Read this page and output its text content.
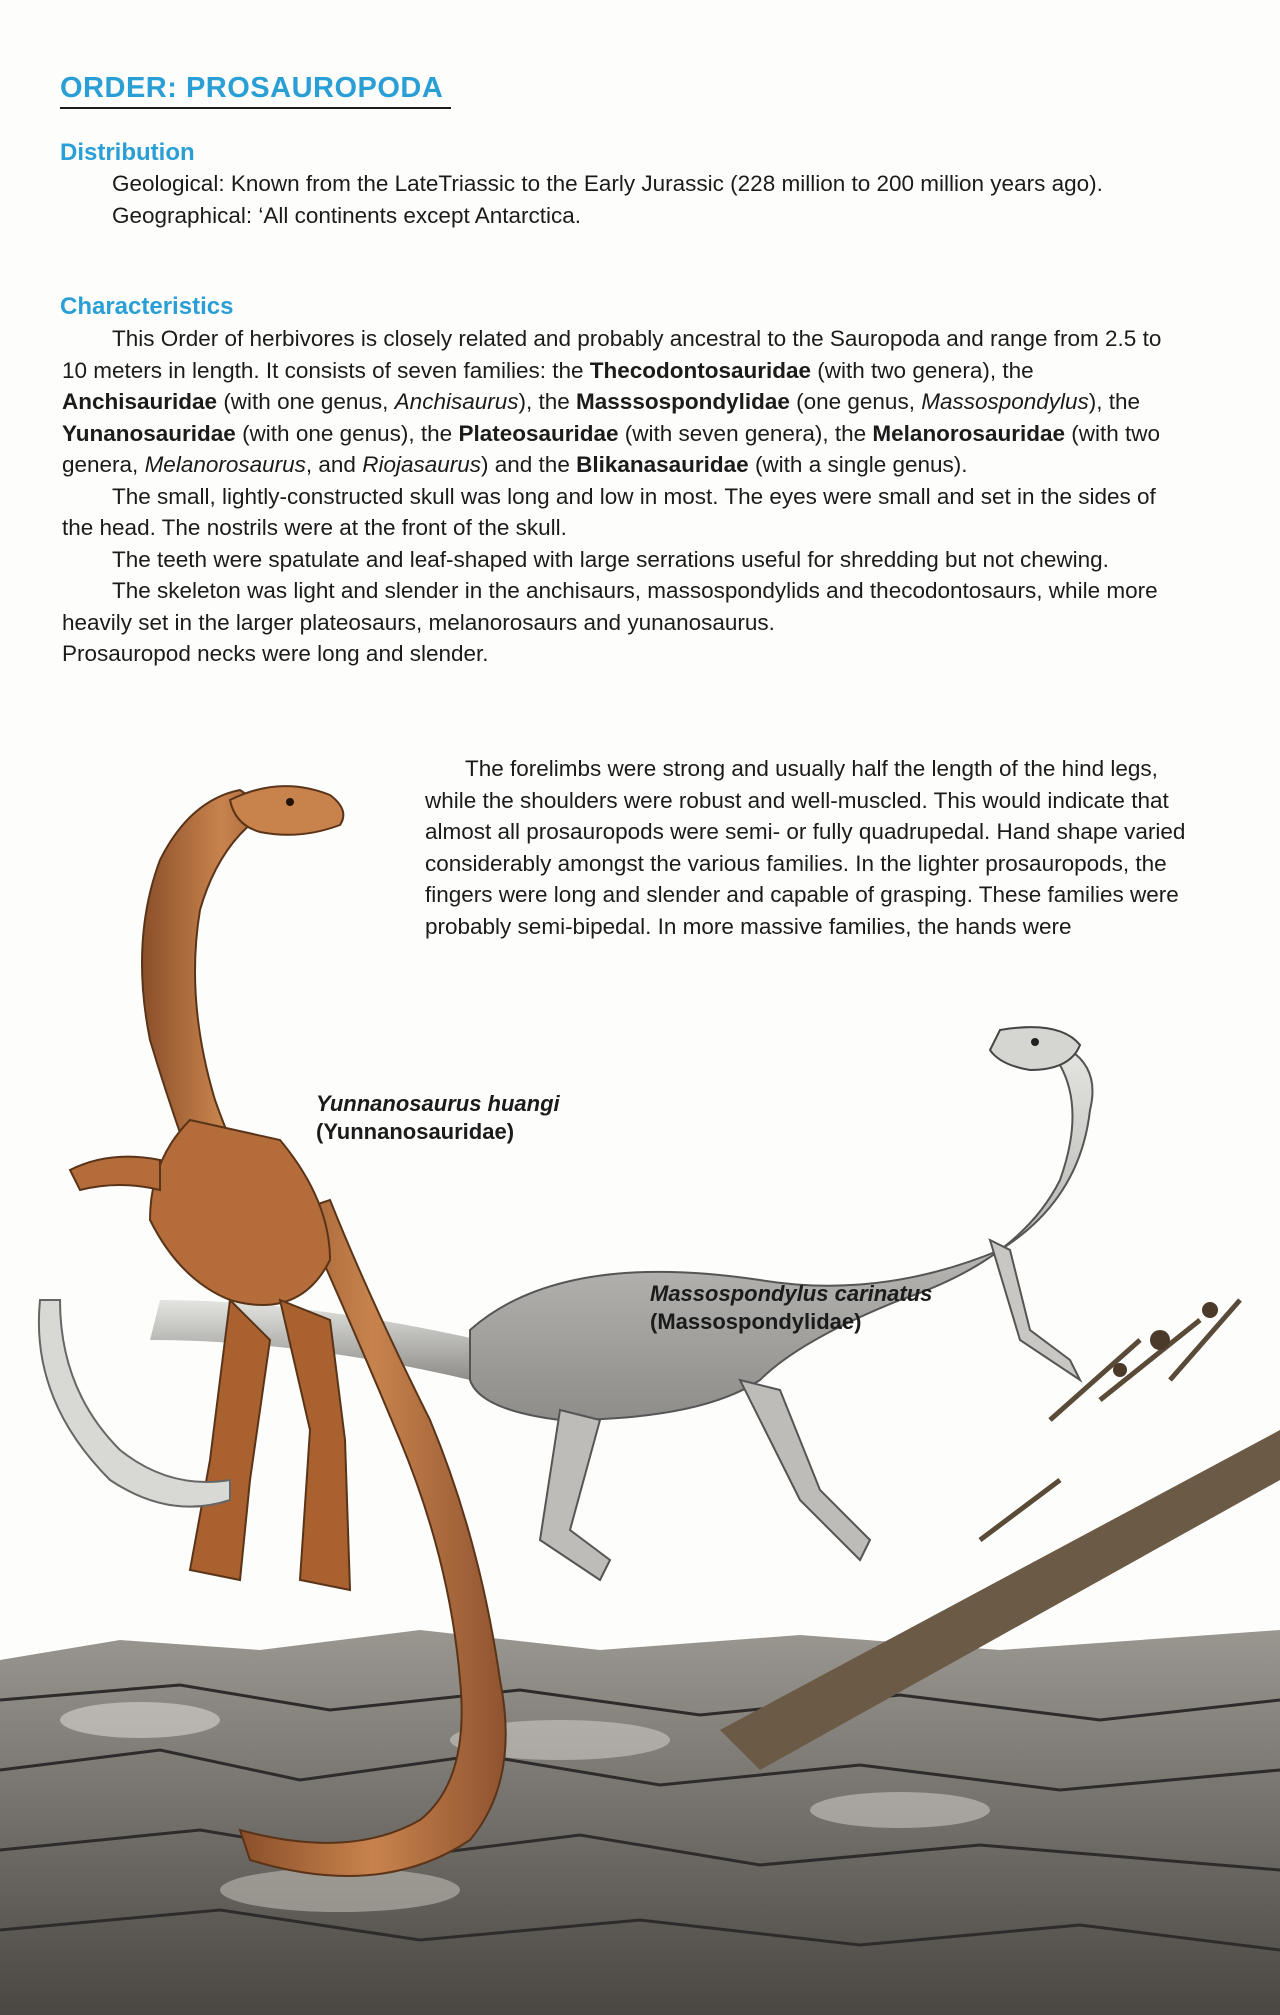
ORDER: PROSAUROPODA
Distribution

Geological: Known from the LateTriassic to the Early Jurassic (228 million to 200 million years ago).

Geographical: ‘All continents except Antarctica.

Characteristics

This Order of herbivores is closely related and probably ancestral to the Sauropoda and range from 2.5 to 10 meters in length. It consists of seven families: the Thecodontosauridae (with two genera), the Anchisauridae (with one genus, Anchisaurus), the Masssospondylidae (one genus, Massospondylus), the Yunanosauridae (with one genus), the Plateosauridae (with seven genera), the Melanorosauridae (with two genera, Melanorosaurus, and Riojasaurus) and the Blikanasauridae (with a single genus).

The small, lightly-constructed skull was long and low in most. The eyes were small and set in the sides of the head. The nostrils were at the front of the skull.

The teeth were spatulate and leaf-shaped with large serrations useful for shredding but not chewing.

The skeleton was light and slender in the anchisaurs, massospondylids and thecodontosaurs, while more heavily set in the larger plateosaurs, melanorosaurs and yunanosaurus.

Prosauropod necks were long and slender.

The forelimbs were strong and usually half the length of the hind legs, while the shoulders were robust and well-muscled. This would indicate that almost all prosauropods were semi- or fully quadrupedal. Hand shape varied considerably amongst the various families. In the lighter prosauropods, the fingers were long and slender and capable of grasping. These families were probably semi-bipedal. In more massive families, the hands were

Yunnanosaurus huangi
(Yunnanosauridae)
Massospondylus carinatus
(Massospondylidae)
